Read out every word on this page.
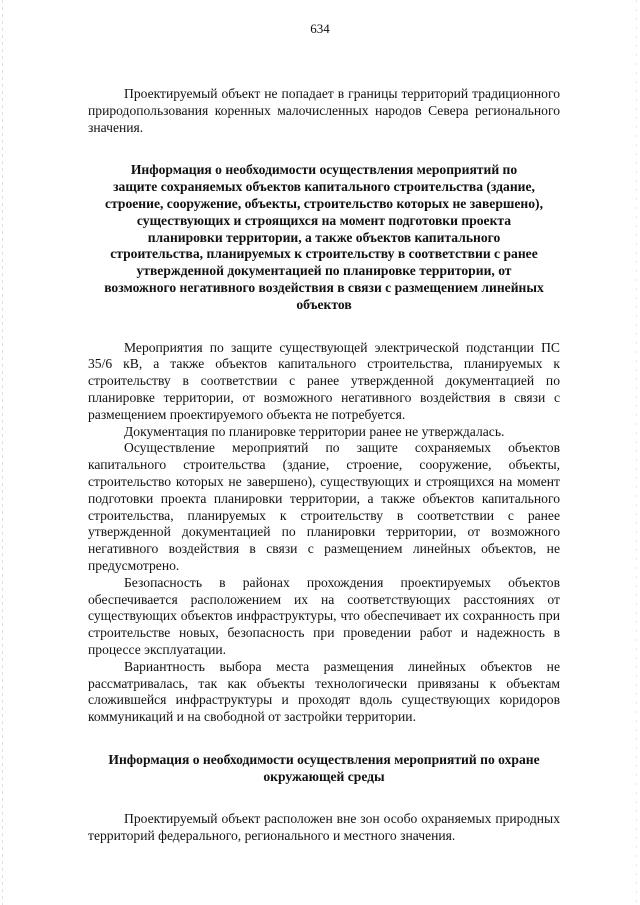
634

Проектируемый объект не попадает в границы территорий традиционного природопользования коренных малочисленных народов Севера регионального значения.

Информация о необходимости осуществления мероприятий по
защите сохраняемых объектов капитального строительства (здание,
строение, сооружение, объекты, строительство которых не завершено),
существующих и строящихся на момент подготовки проекта
планировки территории, а также объектов капитального
строительства, планируемых к строительству в соответствии с ранее
утвержденной документацией по планировке территории, от
возможного негативного воздействия в связи с размещением линейных
объектов

Мероприятия по защите существующей электрической подстанции ПС 35/6 кВ, а также объектов капитального строительства, планируемых к строительству в соответствии с ранее утвержденной документацией по планировке территории, от возможного негативного воздействия в связи с размещением проектируемого объекта не потребуется.

Документация по планировке территории ранее не утверждалась.

Осуществление мероприятий по защите сохраняемых объектов капитального строительства (здание, строение, сооружение, объекты, строительство которых не завершено), существующих и строящихся на момент подготовки проекта планировки территории, а также объектов капитального строительства, планируемых к строительству в соответствии с ранее утвержденной документацией по планировки территории, от возможного негативного воздействия в связи с размещением линейных объектов, не предусмотрено.

Безопасность в районах прохождения проектируемых объектов обеспечивается расположением их на соответствующих расстояниях от существующих объектов инфраструктуры, что обеспечивает их сохранность при строительстве новых, безопасность при проведении работ и надежность в процессе эксплуатации.

Вариантность выбора места размещения линейных объектов не рассматривалась, так как объекты технологически привязаны к объектам сложившейся инфраструктуры и проходят вдоль существующих коридоров коммуникаций и на свободной от застройки территории.

Информация о необходимости осуществления мероприятий по охране окружающей среды

Проектируемый объект расположен вне зон особо охраняемых природных территорий федерального, регионального и местного значения.
